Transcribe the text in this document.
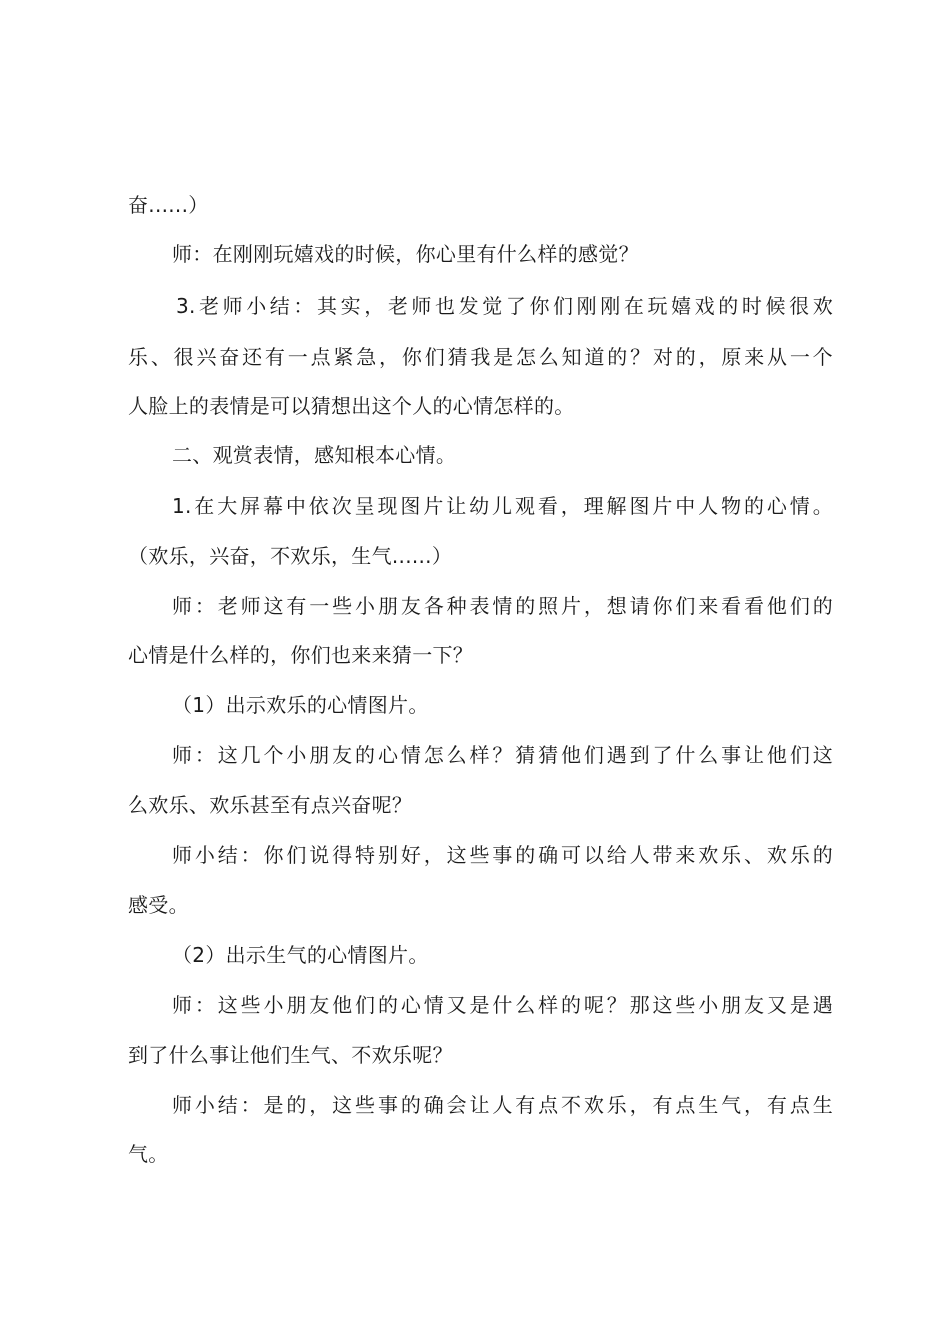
奋......）
师：在刚刚玩嬉戏的时候，你心里有什么样的感觉？
3.老师小结：其实，老师也发觉了你们刚刚在玩嬉戏的时候很欢
乐、很兴奋还有一点紧急，你们猜我是怎么知道的？对的，原来从一个
人脸上的表情是可以猜想出这个人的心情怎样的。
二、观赏表情，感知根本心情。
1.在大屏幕中依次呈现图片让幼儿观看，理解图片中人物的心情。
（欢乐，兴奋，不欢乐，生气......）
师：老师这有一些小朋友各种表情的照片，想请你们来看看他们的
心情是什么样的，你们也来来猜一下？
（1）出示欢乐的心情图片。
师：这几个小朋友的心情怎么样？猜猜他们遇到了什么事让他们这
么欢乐、欢乐甚至有点兴奋呢？
师小结：你们说得特别好，这些事的确可以给人带来欢乐、欢乐的
感受。
（2）出示生气的心情图片。
师：这些小朋友他们的心情又是什么样的呢？那这些小朋友又是遇
到了什么事让他们生气、不欢乐呢？
师小结：是的，这些事的确会让人有点不欢乐，有点生气，有点生
气。
